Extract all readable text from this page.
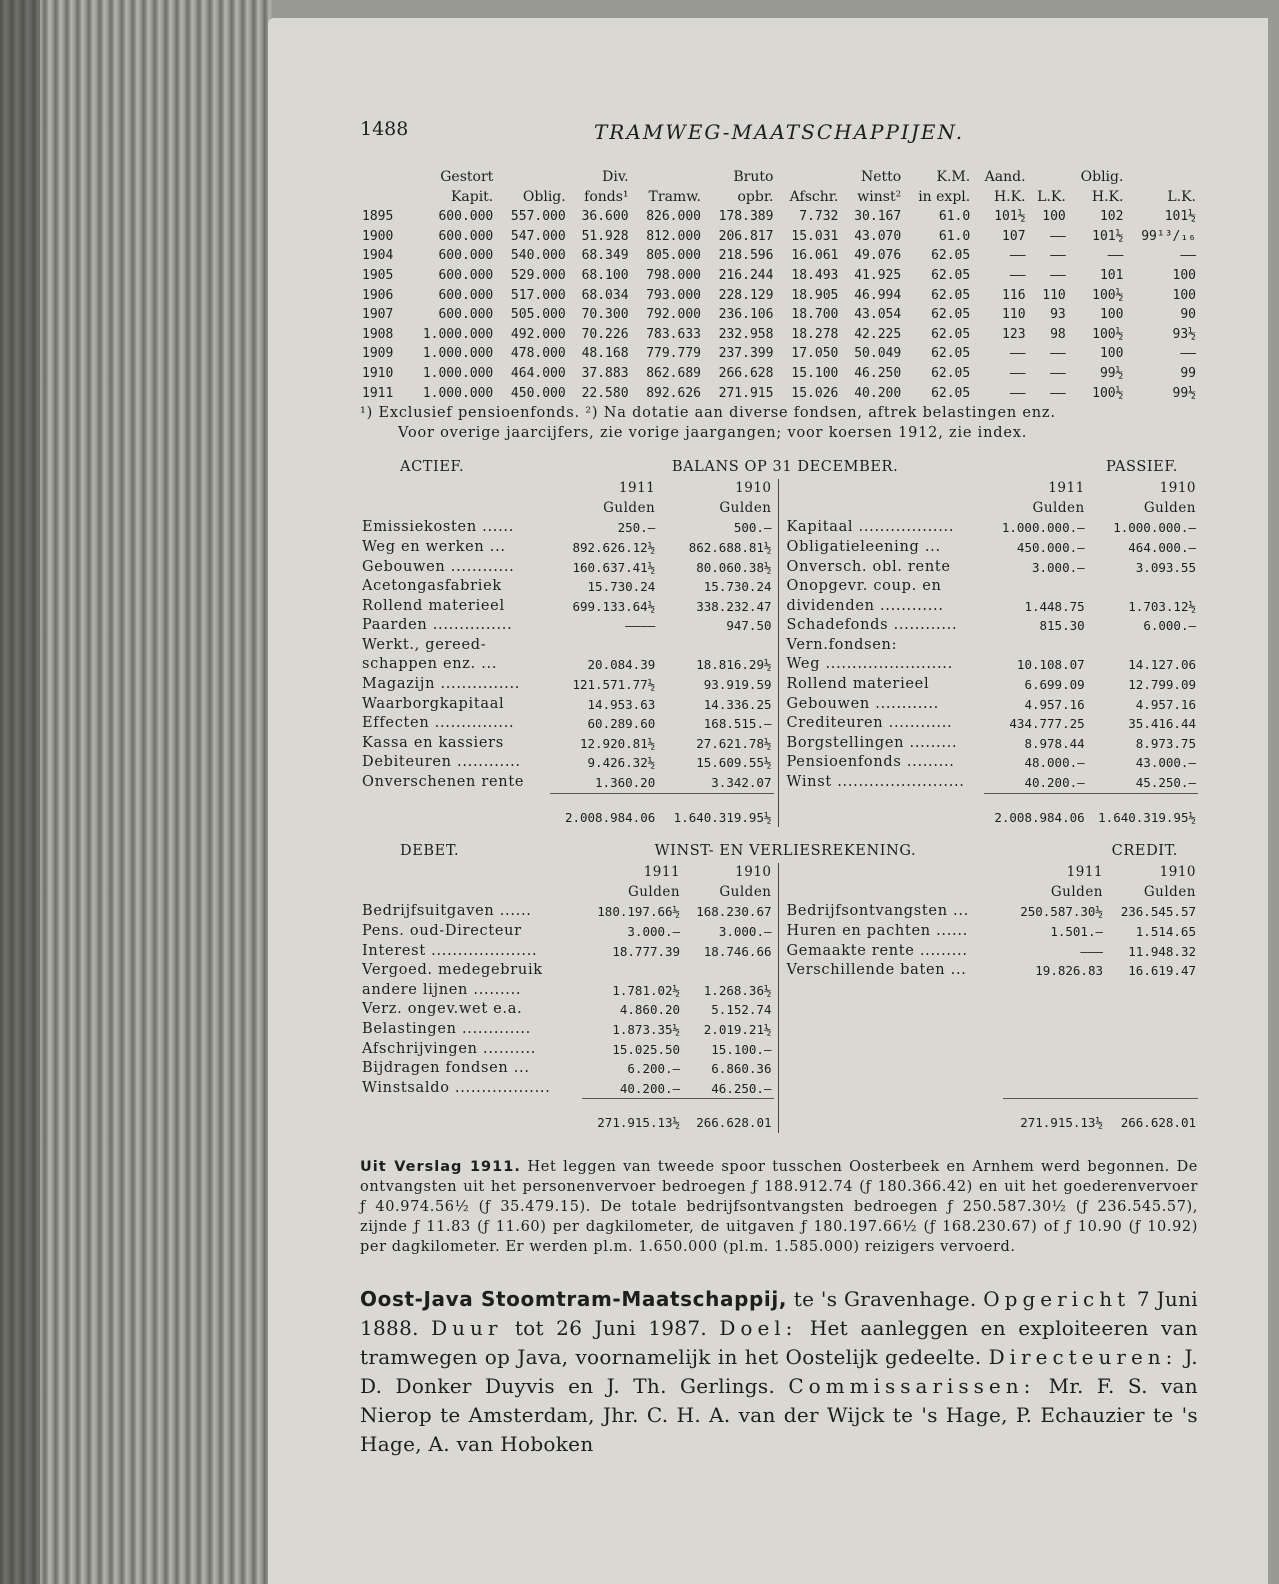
1488	TRAMWEG-MAATSCHAPPIJEN.
	Gestort		Div.		Bruto		Netto	K.M.	Aand.		Oblig.	
	Kapit.	Oblig.	fonds¹	Tramw.	opbr.	Afschr.	winst²	in expl.	H.K.	L.K.	H.K.	L.K.
1895	600.000	557.000	36.600	826.000	178.389	7.732	30.167	61.0	101½	100	102	101½
1900	600.000	547.000	51.928	812.000	206.817	15.031	43.070	61.0	107	——	101½	99¹³/₁₆
1904	600.000	540.000	68.349	805.000	218.596	16.061	49.076	62.05	——	——	——	——
1905	600.000	529.000	68.100	798.000	216.244	18.493	41.925	62.05	——	——	101	100
1906	600.000	517.000	68.034	793.000	228.129	18.905	46.994	62.05	116	110	100½	100
1907	600.000	505.000	70.300	792.000	236.106	18.700	43.054	62.05	110	93	100	90
1908	1.000.000	492.000	70.226	783.633	232.958	18.278	42.225	62.05	123	98	100½	93½
1909	1.000.000	478.000	48.168	779.779	237.399	17.050	50.049	62.05	——	——	100	——
1910	1.000.000	464.000	37.883	862.689	266.628	15.100	46.250	62.05	——	——	99½	99
1911	1.000.000	450.000	22.580	892.626	271.915	15.026	40.200	62.05	——	——	100½	99½

¹) Exclusief pensioenfonds. ²) Na dotatie aan diverse fondsen, aftrek belastingen enz.

Voor overige jaarcijfers, zie vorige jaargangen; voor koersen 1912, zie index.

ACTIEF.	BALANS OP 31 DECEMBER.	PASSIEF.
	1911	1910
	Gulden	Gulden
Emissiekosten ......	250.—	500.—
Weg en werken ...	892.626.12½	862.688.81½
Gebouwen ............	160.637.41½	80.060.38½
Acetongasfabriek	15.730.24	15.730.24
Rollend materieel	699.133.64½	338.232.47
Paarden ...............	————	947.50
Werkt., gereed-		
schappen enz. ...	20.084.39	18.816.29½
Magazijn ...............	121.571.77½	93.919.59
Waarborgkapitaal	14.953.63	14.336.25
Effecten ...............	60.289.60	168.515.—
Kassa en kassiers	12.920.81½	27.621.78½
Debiteuren ............	9.426.32½	15.609.55½
Onverschenen rente	1.360.20	3.342.07
	2.008.984.06	1.640.319.95½
	1911	1910
	Gulden	Gulden
Kapitaal ..................	1.000.000.—	1.000.000.—
Obligatieleening ...	450.000.—	464.000.—
Onversch. obl. rente	3.000.—	3.093.55
Onopgevr. coup. en		
dividenden ............	1.448.75	1.703.12½
Schadefonds ............	815.30	6.000.—
Vern.fondsen:		
Weg ........................	10.108.07	14.127.06
Rollend materieel	6.699.09	12.799.09
Gebouwen ............	4.957.16	4.957.16
Crediteuren ............	434.777.25	35.416.44
Borgstellingen .........	8.978.44	8.973.75
Pensioenfonds .........	48.000.—	43.000.—
Winst ........................	40.200.—	45.250.—
	2.008.984.06	1.640.319.95½
DEBET.	WINST- EN VERLIESREKENING.	CREDIT.
	1911	1910
	Gulden	Gulden
Bedrijfsuitgaven ......	180.197.66½	168.230.67
Pens. oud-Directeur	3.000.—	3.000.—
Interest ....................	18.777.39	18.746.66
Vergoed. medegebruik		
andere lijnen .........	1.781.02½	1.268.36½
Verz. ongev.wet e.a.	4.860.20	5.152.74
Belastingen .............	1.873.35½	2.019.21½
Afschrijvingen ..........	15.025.50	15.100.—
Bijdragen fondsen ...	6.200.—	6.860.36
Winstsaldo ..................	40.200.—	46.250.—
	271.915.13½	266.628.01
	1911	1910
	Gulden	Gulden
Bedrijfsontvangsten ...	250.587.30½	236.545.57
Huren en pachten ......	1.501.—	1.514.65
Gemaakte rente .........	———	11.948.32
Verschillende baten ...	19.826.83	16.619.47

	271.915.13½	266.628.01

Uit Verslag 1911. Het leggen van tweede spoor tusschen Oosterbeek en Arnhem werd begonnen. De ontvangsten uit het personenvervoer bedroegen ƒ 188.912.74 (ƒ 180.366.42) en uit het goederenvervoer ƒ 40.974.56½ (ƒ 35.479.15). De totale bedrijfsontvangsten bedroegen ƒ 250.587.30½ (ƒ 236.545.57), zijnde ƒ 11.83 (ƒ 11.60) per dagkilometer, de uitgaven ƒ 180.197.66½ (ƒ 168.230.67) of ƒ 10.90 (ƒ 10.92) per dagkilometer. Er werden pl.m. 1.650.000 (pl.m. 1.585.000) reizigers vervoerd.

Oost-Java Stoomtram-Maatschappij, te 's Gravenhage. Opgericht 7 Juni 1888. Duur tot 26 Juni 1987. Doel: Het aanleggen en exploiteeren van tramwegen op Java, voornamelijk in het Oostelijk gedeelte. Directeuren: J. D. Donker Duyvis en J. Th. Gerlings. Commissarissen: Mr. F. S. van Nierop te Amsterdam, Jhr. C. H. A. van der Wijck te 's Hage, P. Echauzier te 's Hage, A. van Hoboken
